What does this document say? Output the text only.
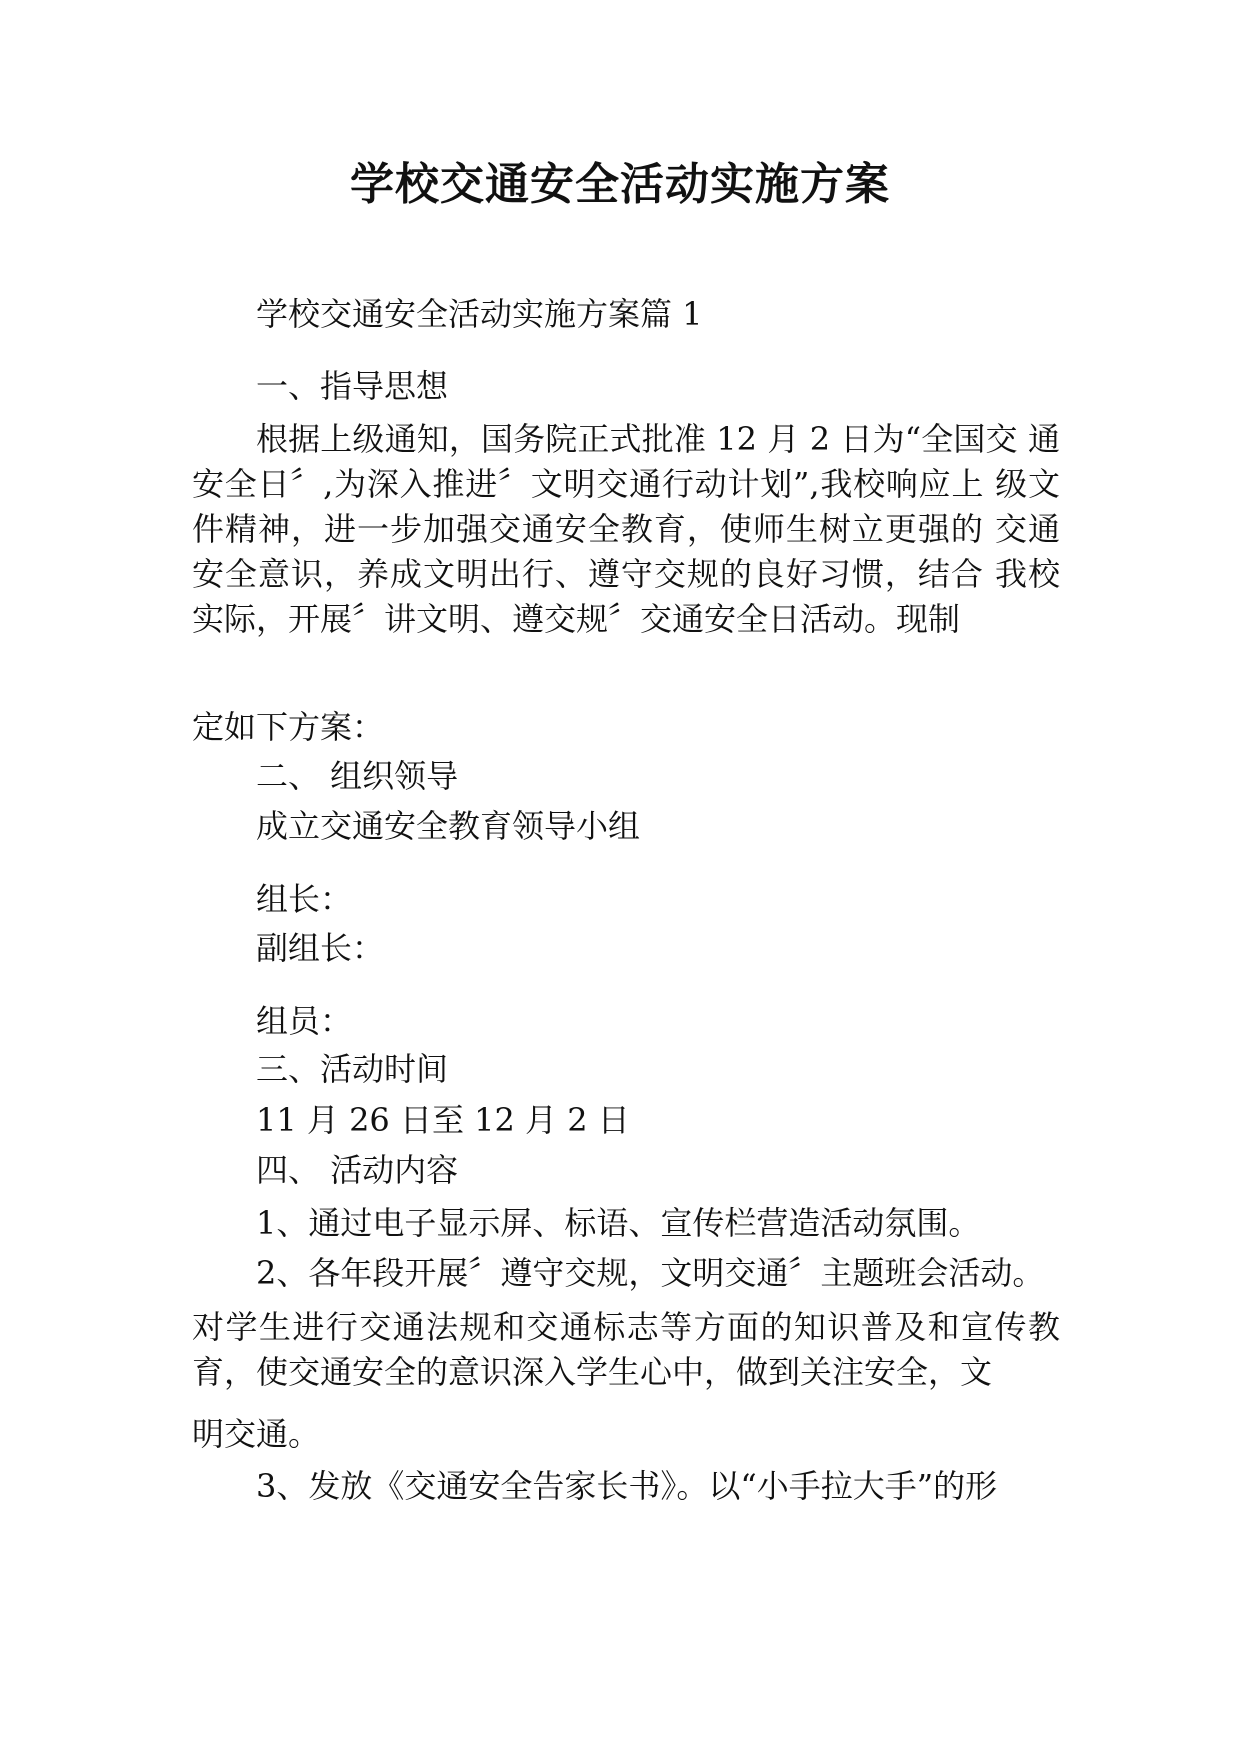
学校交通安全活动实施方案
学校交通安全活动实施方案篇 1
一、指导思想
根据上级通知，国务院正式批准 12 月 2 日为“全国交 通安全日〞,为深入推进〞文明交通行动计划”,我校响应上 级文件精神，进一步加强交通安全教育，使师生树立更强的 交通安全意识，养成文明出行、遵守交规的良好习惯，结合 我校实际，开展〞讲文明、遵交规〞交通安全日活动。现制
定如下方案：
二、 组织领导
成立交通安全教育领导小组
组长：
副组长：
组员：
三、活动时间
11 月 26 日至 12 月 2 日
四、 活动内容
1、通过电子显示屏、标语、宣传栏营造活动氛围。
2、各年段开展〞遵守交规，文明交通〞主题班会活动。
对学生进行交通法规和交通标志等方面的知识普及和宣传教育，使交通安全的意识深入学生心中，做到关注安全，文
明交通。
3、发放《交通安全告家长书》。以“小手拉大手”的形
